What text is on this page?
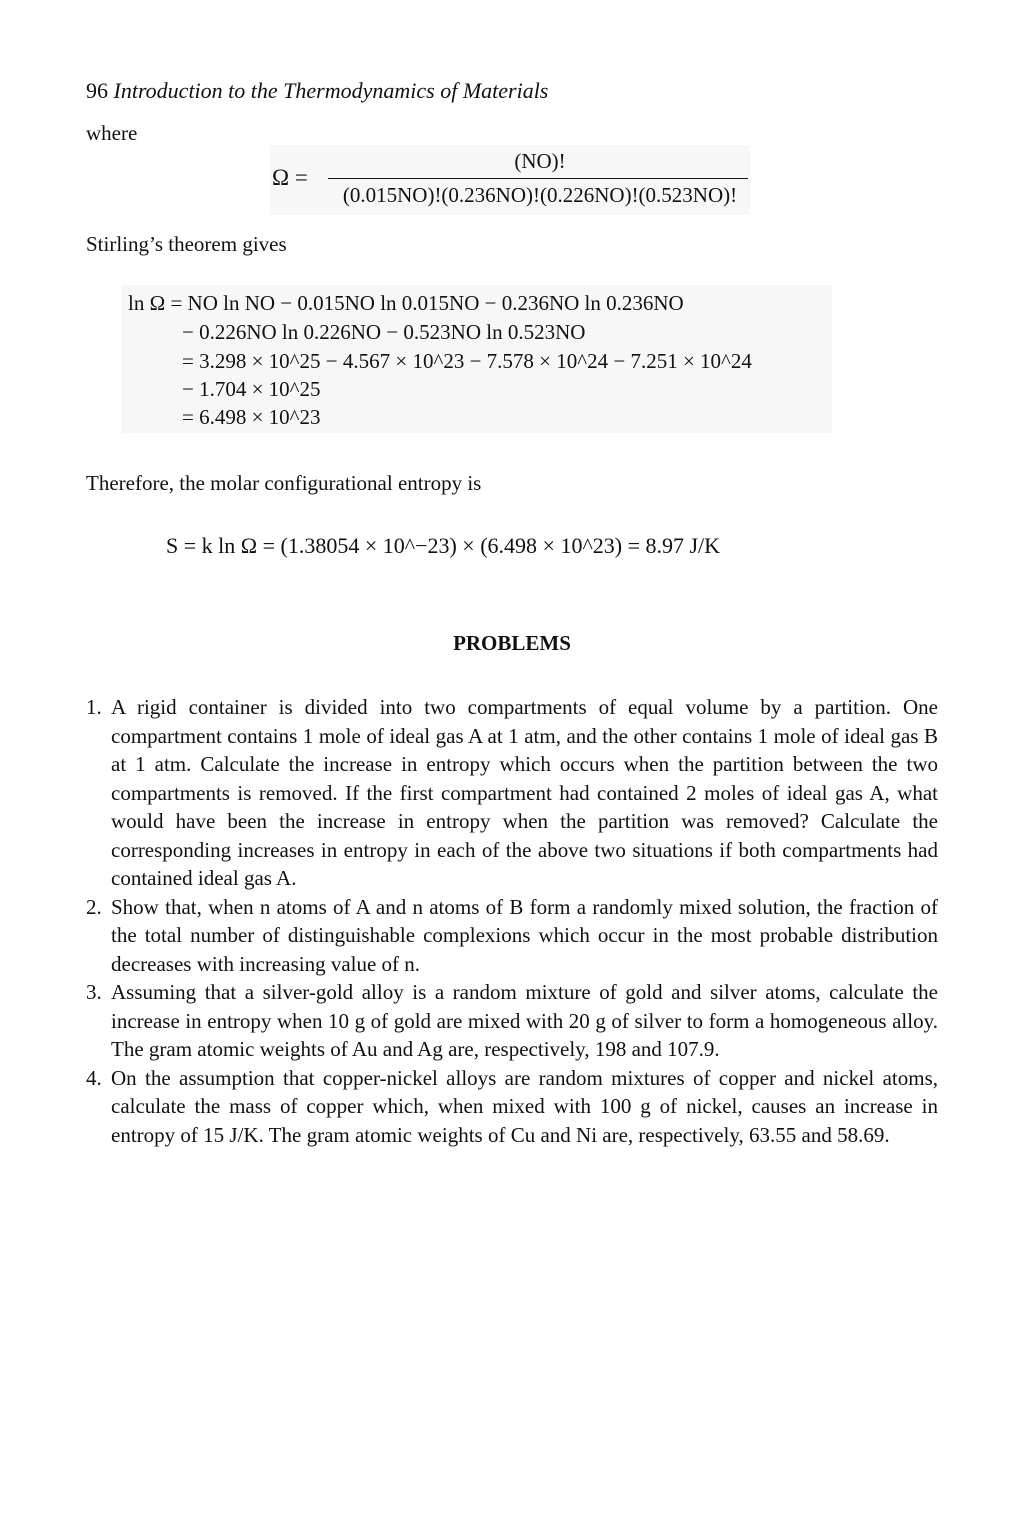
96 Introduction to the Thermodynamics of Materials
where
Ω =
(NO)!
(0.015NO)!(0.236NO)!(0.226NO)!(0.523NO)!
Stirling’s theorem gives
ln Ω = NO ln NO − 0.015NO ln 0.015NO − 0.236NO ln 0.236NO
− 0.226NO ln 0.226NO − 0.523NO ln 0.523NO
= 3.298 × 10^25 − 4.567 × 10^23 − 7.578 × 10^24 − 7.251 × 10^24
− 1.704 × 10^25
= 6.498 × 10^23
Therefore, the molar configurational entropy is
S = k ln Ω = (1.38054 × 10^−23) × (6.498 × 10^23) = 8.97 J/K
PROBLEMS
1. A rigid container is divided into two compartments of equal volume by a partition. One compartment contains 1 mole of ideal gas A at 1 atm, and the other contains 1 mole of ideal gas B at 1 atm. Calculate the increase in entropy which occurs when the partition between the two compartments is removed. If the first compartment had contained 2 moles of ideal gas A, what would have been the increase in entropy when the partition was removed? Calculate the corresponding increases in entropy in each of the above two situations if both compartments had contained ideal gas A.
2. Show that, when n atoms of A and n atoms of B form a randomly mixed solution, the fraction of the total number of distinguishable complexions which occur in the most probable distribution decreases with increasing value of n.
3. Assuming that a silver-gold alloy is a random mixture of gold and silver atoms, calculate the increase in entropy when 10 g of gold are mixed with 20 g of silver to form a homogeneous alloy. The gram atomic weights of Au and Ag are, respectively, 198 and 107.9.
4. On the assumption that copper-nickel alloys are random mixtures of copper and nickel atoms, calculate the mass of copper which, when mixed with 100 g of nickel, causes an increase in entropy of 15 J/K. The gram atomic weights of Cu and Ni are, respectively, 63.55 and 58.69.
